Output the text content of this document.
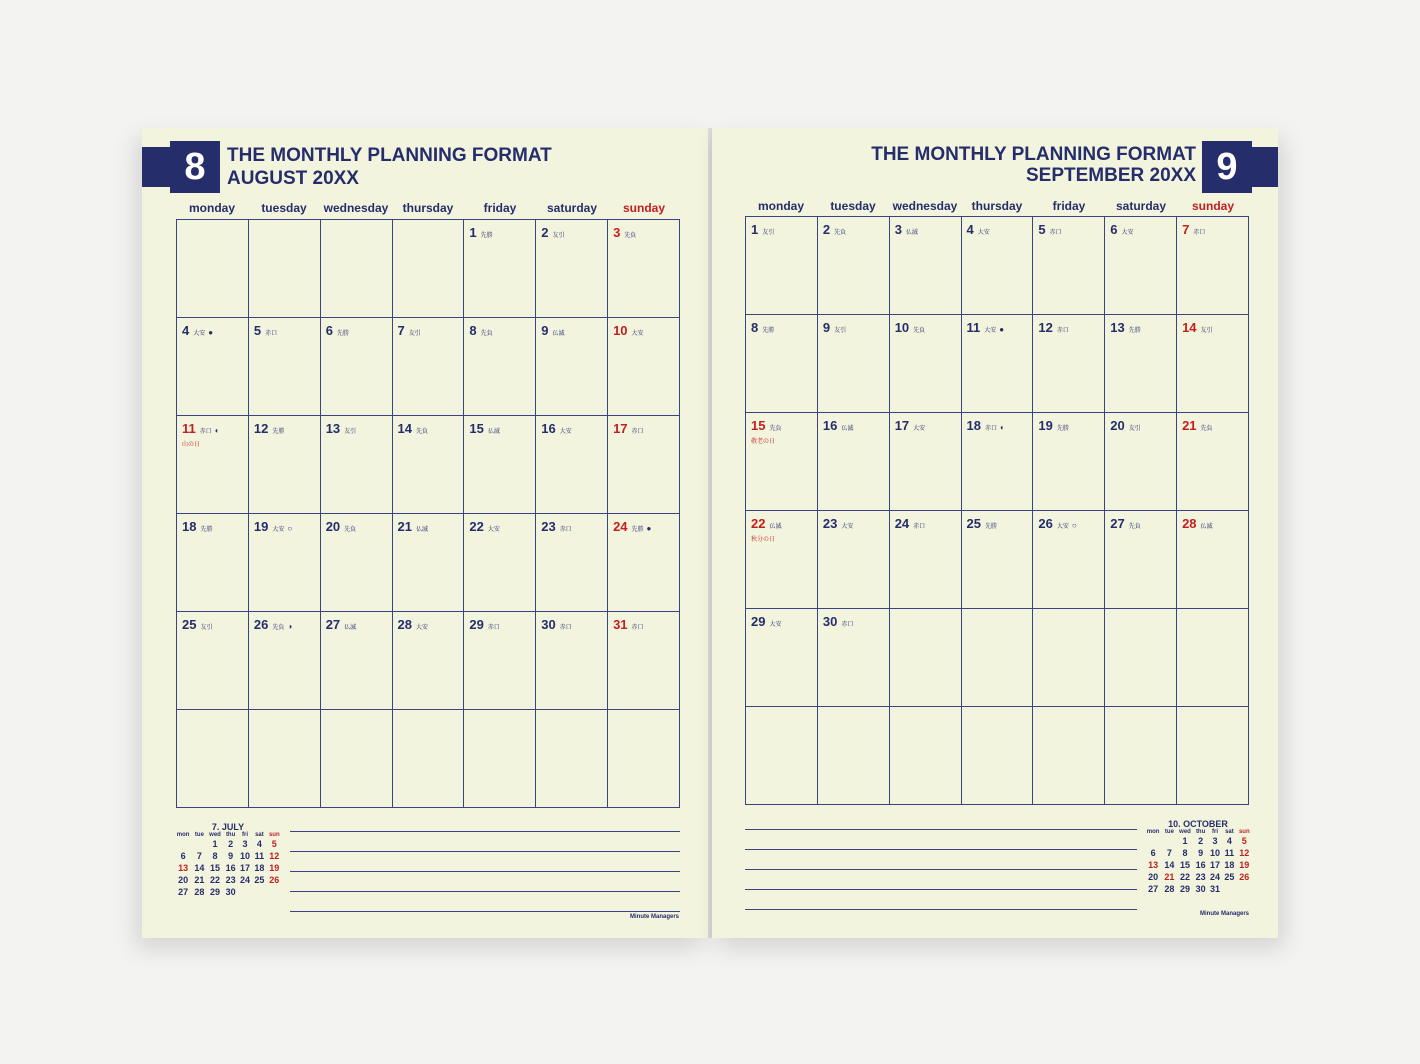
8 THE MONTHLY PLANNING FORMAT
AUGUST 20XX
monday	tuesday	wednesday	thursday	friday	saturday	sunday

				1 先勝	2 友引	3 先負

4 大安 ●	5 赤口	6 先勝	7 友引	8 先負	9 仏滅	10 大安

11 赤口 ◐
山の日	12 先勝	13 友引	14 先負	15 仏滅	16 大安	17 赤口

18 先勝	19 大安 ○	20 先負	21 仏滅	22 大安	23 赤口	24 先勝 ●

25 友引	26 先負 ◑	27 仏滅	28 大安	29 赤口	30 赤口	31 赤口

7. JULY
mon	tue	wed	thu	fri	sat	sun
		1	2	3	4	5
6	7	8	9	10	11	12
13	14	15	16	17	18	19
20	21	22	23	24	25	26
27	28	29	30			
Minute Managers
9
THE MONTHLY PLANNING FORMAT
SEPTEMBER 20XX
monday	tuesday	wednesday	thursday	friday	saturday	sunday
1 友引	2 先負	3 仏滅	4 大安	5 赤口	6 大安	7 赤口

8 先勝	9 友引	10 先負	11 大安 ●	12 赤口	13 先勝	14 友引

15 先負
敬老の日	16 仏滅	17 大安	18 赤口 ◐	19 先勝	20 友引	21 先負

22 仏滅
秋分の日	23 大安	24 赤口	25 先勝	26 大安 ○	27 先負	28 仏滅

29 大安	30 赤口					

10. OCTOBER
mon	tue	wed	thu	fri	sat	sun
		1	2	3	4	5
6	7	8	9	10	11	12
13	14	15	16	17	18	19
20	21	22	23	24	25	26
27	28	29	30	31		
Minute Managers
